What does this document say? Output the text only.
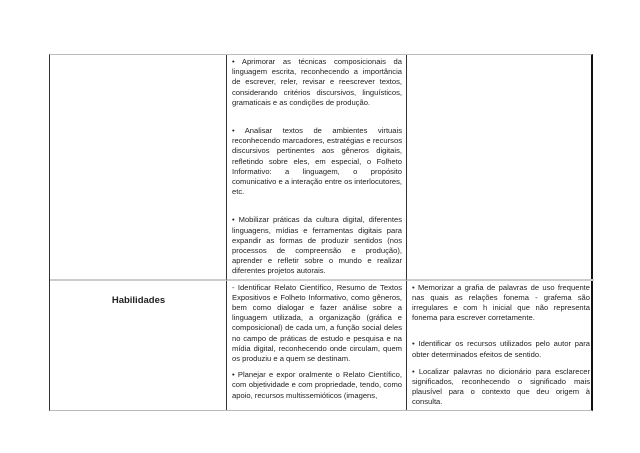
• Aprimorar as técnicas composicionais da linguagem escrita, reconhecendo a importância de escrever, reler, revisar e reescrever textos, considerando critérios discursivos, linguísticos, gramaticais e as condições de produção.

• Analisar textos de ambientes virtuais reconhecendo marcadores, estratégias e recursos discursivos pertinentes aos gêneros digitais, refletindo sobre eles, em especial, o Folheto Informativo: a linguagem, o propósito comunicativo e a interação entre os interlocutores, etc.

• Mobilizar práticas da cultura digital, diferentes linguagens, mídias e ferramentas digitais para expandir as formas de produzir sentidos (nos processos de compreensão e produção), aprender e refletir sobre o mundo e realizar diferentes projetos autorais.

Habilidades

- Identificar Relato Científico, Resumo de Textos Expositivos e Folheto Informativo, como gêneros, bem como dialogar e fazer análise sobre a linguagem utilizada, a organização (gráfica e composicional) de cada um, a função social deles no campo de práticas de estudo e pesquisa e na mídia digital, reconhecendo onde circulam, quem os produziu e a quem se destinam.

• Planejar e expor oralmente o Relato Científico, com objetividade e com propriedade, tendo, como apoio, recursos multissemióticos (imagens,

• Memorizar a grafia de palavras de uso frequente nas quais as relações fonema - grafema são irregulares e com h inicial que não representa fonema para escrever corretamente.

• Identificar os recursos utilizados pelo autor para obter determinados efeitos de sentido.

• Localizar palavras no dicionário para esclarecer significados, reconhecendo o significado mais plausível para o contexto que deu origem à consulta.
